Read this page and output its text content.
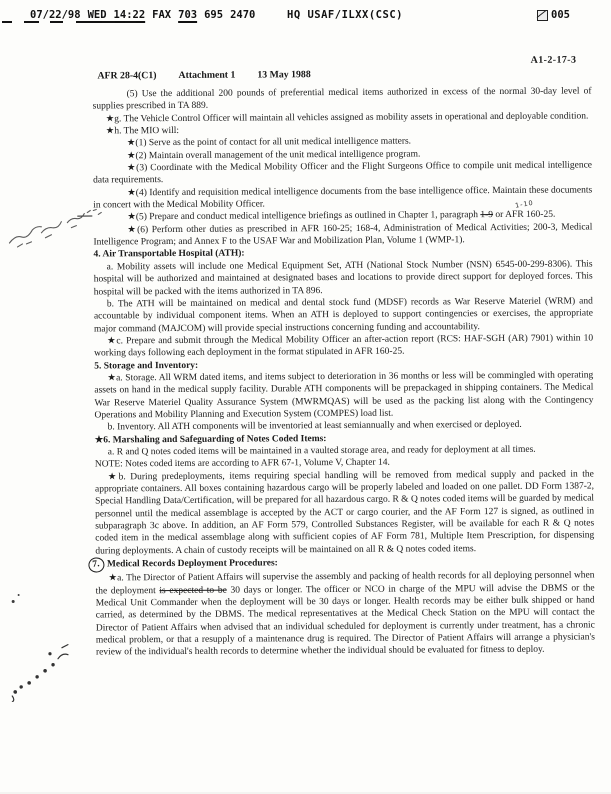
07/22/98 WED 14:22 FAX 703 695 2470	HQ USAF/ILXX(CSC)	005
A1-2-17-3
AFR 28-4(C1) Attachment 1 13 May 1988

(5) Use the additional 200 pounds of preferential medical items authorized in excess of the normal 30-day level of supplies prescribed in TA 889.

★g. The Vehicle Control Officer will maintain all vehicles assigned as mobility assets in operational and deployable condition.

★h. The MIO will:

★(1) Serve as the point of contact for all unit medical intelligence matters.

★(2) Maintain overall management of the unit medical intelligence program.

★(3) Coordinate with the Medical Mobility Officer and the Flight Surgeons Office to compile unit medical intelligence data requirements.

★(4) Identify and requisition medical intelligence documents from the base intelligence office. Maintain these documents in concert with the Medical Mobility Officer.

★(5) Prepare and conduct medical intelligence briefings as outlined in Chapter 1, paragraph
1-10
1-9 or AFR 160-25.

★(6) Perform other duties as prescribed in AFR 160-25; 168-4, Administration of Medical Activities; 200-3, Medical Intelligence Program; and Annex F to the USAF War and Mobilization Plan, Volume 1 (WMP-1).

4. Air Transportable Hospital (ATH):

a. Mobility assets will include one Medical Equipment Set, ATH (National Stock Number (NSN) 6545-00-299-8306). This hospital will be authorized and maintained at designated bases and locations to provide direct support for deployed forces. This hospital will be packed with the items authorized in TA 896.

b. The ATH will be maintained on medical and dental stock fund (MDSF) records as War Reserve Materiel (WRM) and accountable by individual component items. When an ATH is deployed to support contingencies or exercises, the appropriate major command (MAJCOM) will provide special instructions concerning funding and accountability.

★c. Prepare and submit through the Medical Mobility Officer an after-action report (RCS: HAF-SGH (AR) 7901) within 10 working days following each deployment in the format stipulated in AFR 160-25.

5. Storage and Inventory:

★a. Storage. All WRM dated items, and items subject to deterioration in 36 months or less will be commingled with operating assets on hand in the medical supply facility. Durable ATH components will be prepackaged in shipping containers. The Medical War Reserve Materiel Quality Assurance System (MWRMQAS) will be used as the packing list along with the Contingency Operations and Mobility Planning and Execution System (COMPES) load list.

b. Inventory. All ATH components will be inventoried at least semiannually and when exercised or deployed.

★6. Marshaling and Safeguarding of Notes Coded Items:

a. R and Q notes coded items will be maintained in a vaulted storage area, and ready for deployment at all times.

NOTE: Notes coded items are according to AFR 67-1, Volume V, Chapter 14.

★b. During predeployments, items requiring special handling will be removed from medical supply and packed in the appropriate containers. All boxes containing hazardous cargo will be properly labeled and loaded on one pallet. DD Form 1387-2, Special Handling Data/Certification, will be prepared for all hazardous cargo. R & Q notes coded items will be guarded by medical personnel until the medical assemblage is accepted by the ACT or cargo courier, and the AF Form 127 is signed, as outlined in subparagraph 3c above. In addition, an AF Form 579, Controlled Substances Register, will be available for each R & Q notes coded item in the medical assemblage along with sufficient copies of AF Form 781, Multiple Item Prescription, for dispensing during deployments. A chain of custody receipts will be maintained on all R & Q notes coded items.

7. Medical Records Deployment Procedures:

★a. The Director of Patient Affairs will supervise the assembly and packing of health records for all deploying personnel when the deployment is expected to be 30 days or longer. The officer or NCO in charge of the MPU will advise the DBMS or the Medical Unit Commander when the deployment will be 30 days or longer. Health records may be either bulk shipped or hand carried, as determined by the DBMS. The medical representatives at the Medical Check Station on the MPU will contact the Director of Patient Affairs when advised that an individual scheduled for deployment is currently under treatment, has a chronic medical problem, or that a resupply of a maintenance drug is required. The Director of Patient Affairs will arrange a physician's review of the individual's health records to determine whether the individual should be evaluated for fitness to deploy.
